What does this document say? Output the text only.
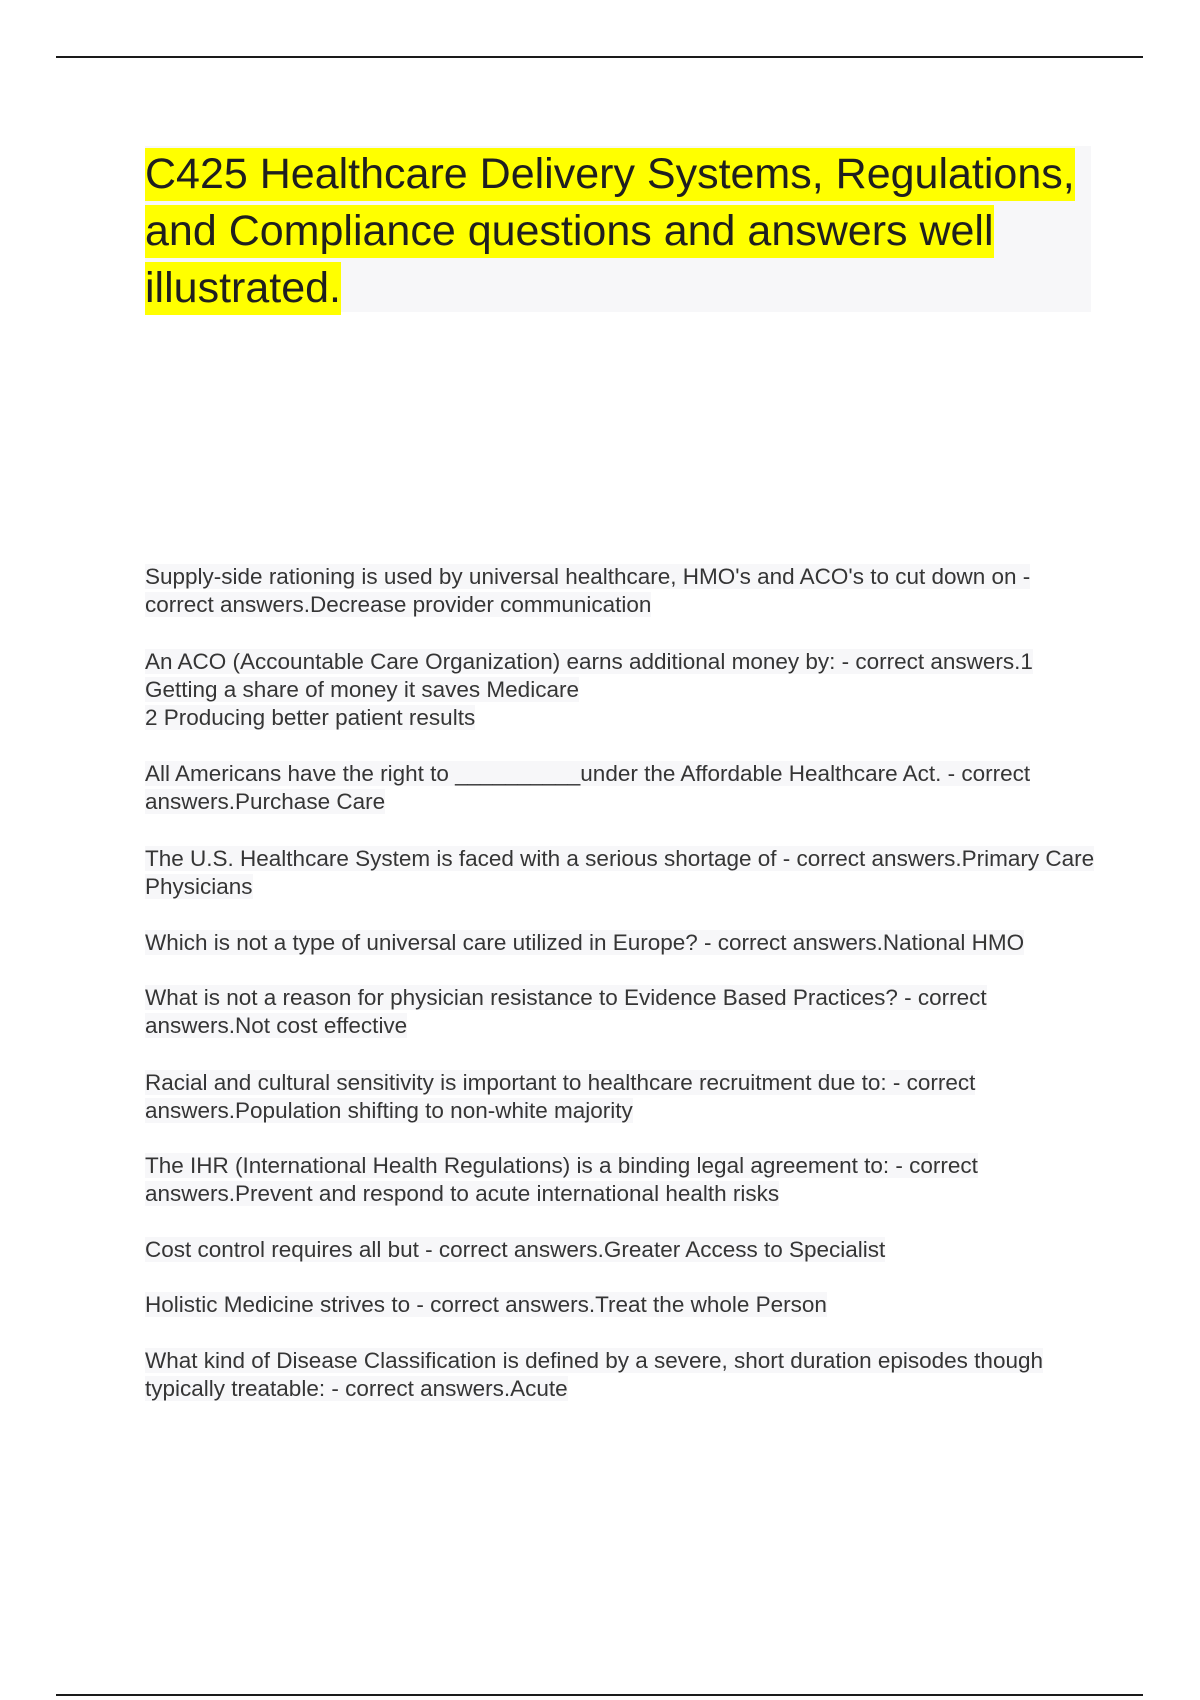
C425 Healthcare Delivery Systems, Regulations, and Compliance questions and answers well illustrated.

Supply-side rationing is used by universal healthcare, HMO's and ACO's to cut down on - correct answers.Decrease provider communication

An ACO (Accountable Care Organization) earns additional money by: - correct answers.1 Getting a share of money it saves Medicare
2 Producing better patient results

All Americans have the right to __________under the Affordable Healthcare Act. - correct answers.Purchase Care

The U.S. Healthcare System is faced with a serious shortage of - correct answers.Primary Care Physicians

Which is not a type of universal care utilized in Europe? - correct answers.National HMO

What is not a reason for physician resistance to Evidence Based Practices? - correct answers.Not cost effective

Racial and cultural sensitivity is important to healthcare recruitment due to: - correct answers.Population shifting to non-white majority

The IHR (International Health Regulations) is a binding legal agreement to: - correct answers.Prevent and respond to acute international health risks

Cost control requires all but - correct answers.Greater Access to Specialist

Holistic Medicine strives to - correct answers.Treat the whole Person

What kind of Disease Classification is defined by a severe, short duration episodes though typically treatable: - correct answers.Acute
